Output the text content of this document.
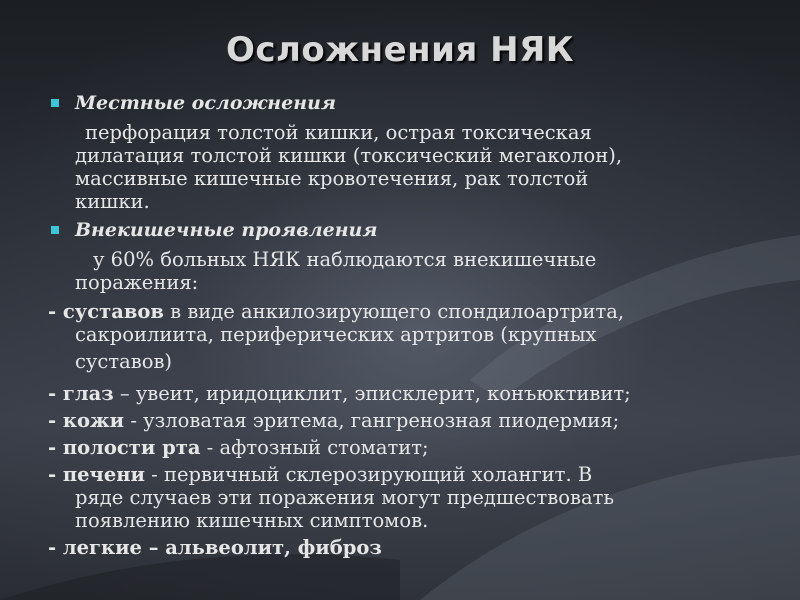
Осложнения НЯК
Местные осложнения
перфорация толстой кишки, острая токсическая
дилатация толстой кишки (токсический мегаколон),
массивные кишечные кровотечения, рак толстой
кишки.
Внекишечные проявления
у 60% больных НЯК наблюдаются внекишечные
поражения:
- суставов в виде анкилозирующего спондилоартрита,
сакроилиита, периферических артритов (крупных
суставов)
- глаз – увеит, иридоциклит, эписклерит, конъюктивит;
- кожи - узловатая эритема, гангренозная пиодермия;
- полости рта - афтозный стоматит;
- печени - первичный склерозирующий холангит. В
ряде случаев эти поражения могут предшествовать
появлению кишечных симптомов.
- легкие – альвеолит, фиброз
